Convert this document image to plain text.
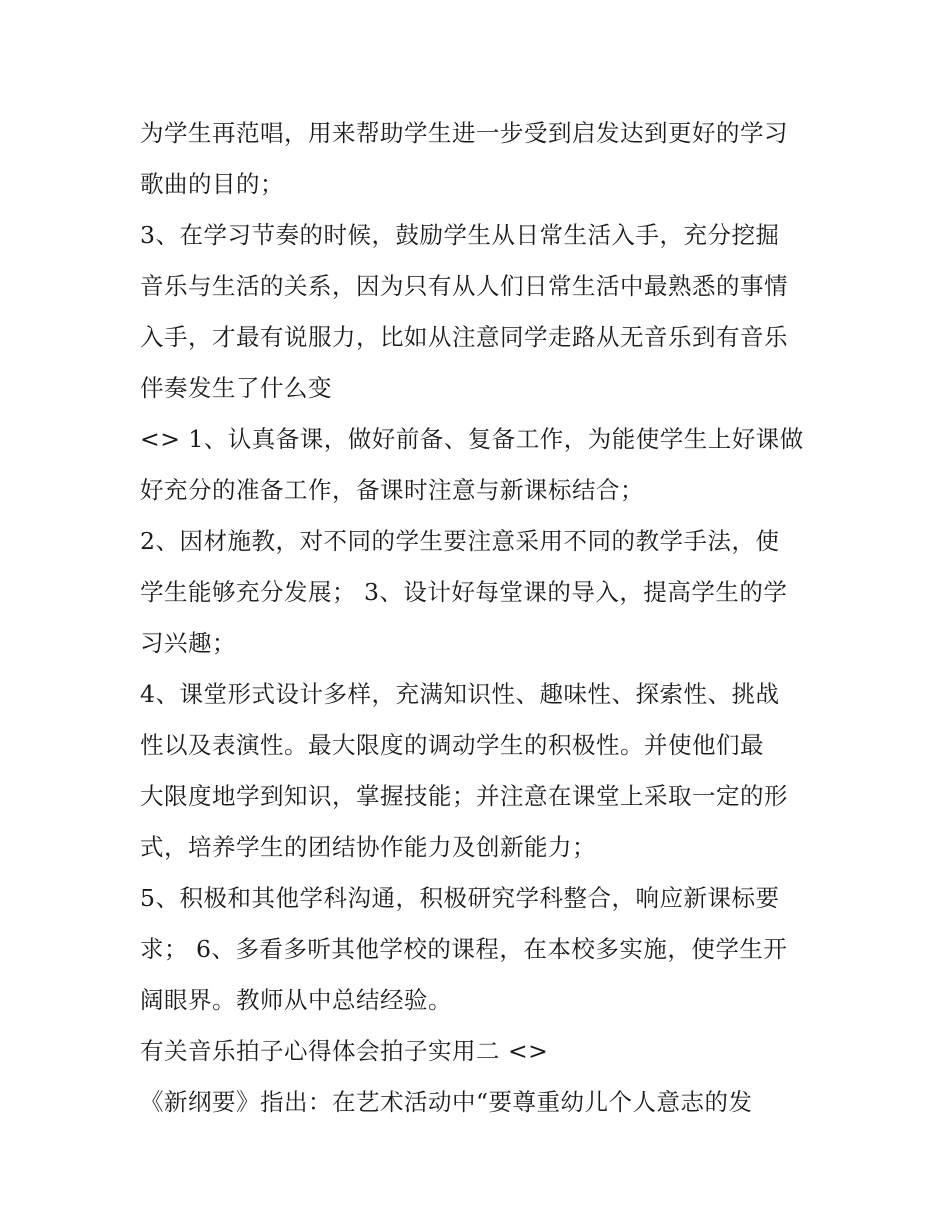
为学生再范唱，用来帮助学生进一步受到启发达到更好的学习
歌曲的目的；
3、在学习节奏的时候，鼓励学生从日常生活入手，充分挖掘
音乐与生活的关系，因为只有从人们日常生活中最熟悉的事情
入手，才最有说服力，比如从注意同学走路从无音乐到有音乐
伴奏发生了什么变
<> 1、认真备课，做好前备、复备工作，为能使学生上好课做
好充分的准备工作，备课时注意与新课标结合；
2、因材施教，对不同的学生要注意采用不同的教学手法，使
学生能够充分发展； 3、设计好每堂课的导入，提高学生的学
习兴趣；
4、课堂形式设计多样，充满知识性、趣味性、探索性、挑战
性以及表演性。最大限度的调动学生的积极性。并使他们最
大限度地学到知识，掌握技能；并注意在课堂上采取一定的形
式，培养学生的团结协作能力及创新能力；
5、积极和其他学科沟通，积极研究学科整合，响应新课标要
求； 6、多看多听其他学校的课程，在本校多实施，使学生开
阔眼界。教师从中总结经验。
有关音乐拍子心得体会拍子实用二 <>
《新纲要》指出：在艺术活动中“要尊重幼儿个人意志的发
